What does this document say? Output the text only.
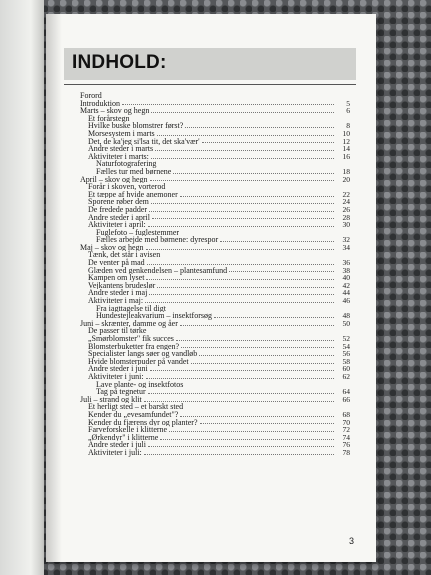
INDHOLD:
Forord
Introduktion	5
Marts – skov og hegn	6
Et forårstegn
Hvilke buske blomstrer først?	8
Morsesystem i marts	10
Det, de ka'jeg si'lsa tit, det ska'vær'	12
Andre steder i marts	14
Aktiviteter i marts:	16
Naturfotografering
Fælles tur med børnene	18
April – skov og hegn	20
Forår i skoven, vorterod
Et tæppe af hvide anemoner	22
Sporene røber dem	24
De fredede padder	26
Andre steder i april	28
Aktiviteter i april:	30
Fuglefoto – fuglestemmer
Fælles arbejde med børnene: dyrespor	32
Maj – skov og hegn	34
Tænk, det står i avisen
De venter på mad	36
Glæden ved genkendelsen – plantesamfund	38
Kampen om lyset	40
Vejkantens brudeslør	42
Andre steder i maj	44
Aktiviteter i maj:	46
Fra iagttagelse til digt
Hundestejleakvarium – insektforsøg	48
Juni – skrænter, damme og åer	50
De passer til tørke
„Smørblomster" fik succes	52
Blomsterbuketter fra engen?	54
Specialister langs søer og vandløb	56
Hvide blomsterpuder på vandet	58
Andre steder i juni	60
Aktiviteter i juni:	62
Lave plante- og insektfotos
Tag på tegnetur	64
Juli – strand og klit	66
Et herligt sted – et barskt sted
Kender du „evesamfundet"?	68
Kender du fjærens dyr og planter?	70
Farveforskelle i klitterne	72
„Ørkendyr" i klitterne	74
Andre steder i juli	76
Aktiviteter i juli:	78
3
